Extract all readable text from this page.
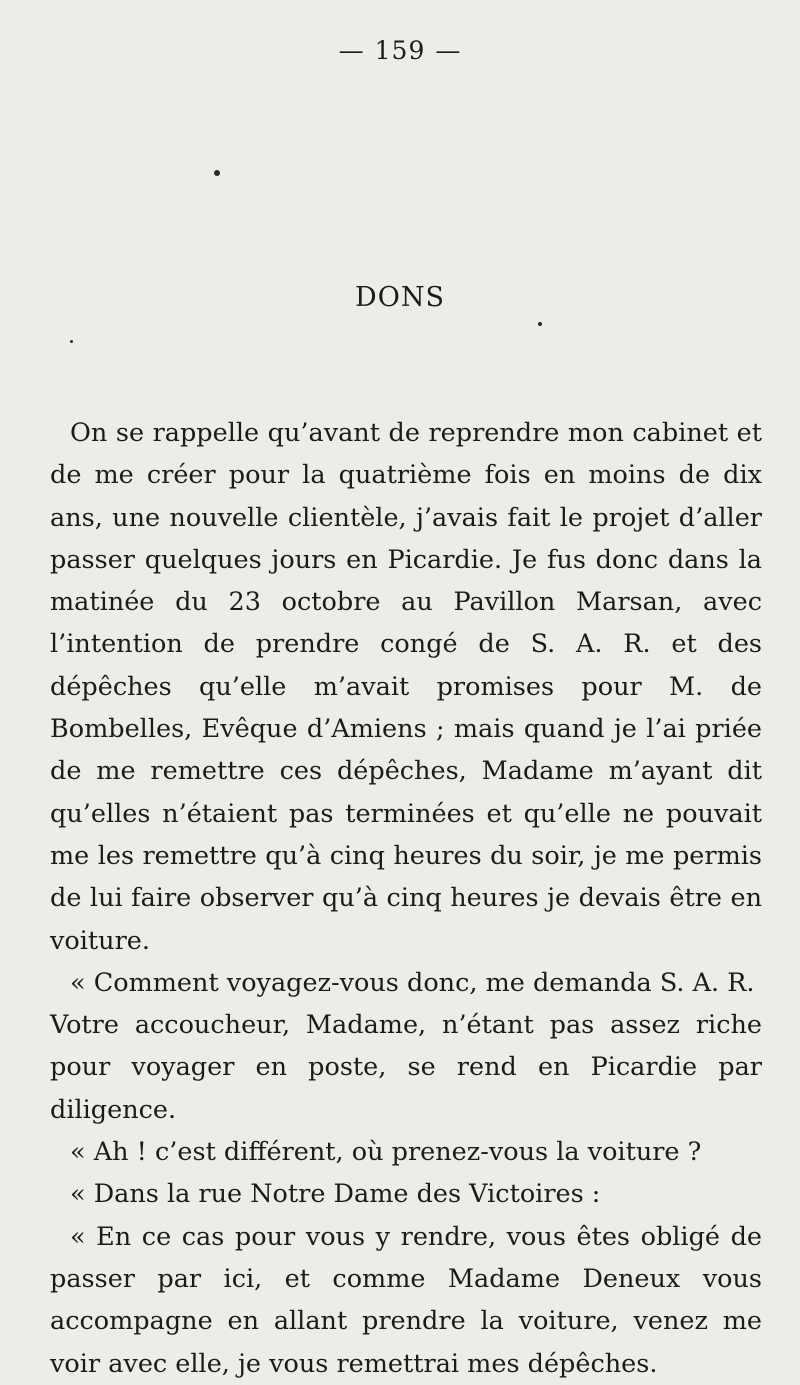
— 159 —
DONS

On se rappelle qu’avant de reprendre mon cabinet et de me créer pour la quatrième fois en moins de dix ans, une nouvelle clientèle, j’avais fait le projet d’aller passer quelques jours en Picardie. Je fus donc dans la matinée du 23 octobre au Pavillon Marsan, avec l’intention de prendre congé de S. A. R. et des dépêches qu’elle m’avait promises pour M. de Bombelles, Evêque d’Amiens ; mais quand je l’ai priée de me remettre ces dépêches, Madame m’ayant dit qu’elles n’étaient pas terminées et qu’elle ne pouvait me les remettre qu’à cinq heures du soir, je me permis de lui faire observer qu’à cinq heures je devais être en voiture.

« Comment voyagez-vous donc, me demanda S. A. R.

Votre accoucheur, Madame, n’étant pas assez riche pour voyager en poste, se rend en Picardie par diligence.

« Ah ! c’est différent, où prenez-vous la voiture ?

« Dans la rue Notre Dame des Victoires :

« En ce cas pour vous y rendre, vous êtes obligé de passer par ici, et comme Madame Deneux vous accompagne en allant prendre la voiture, venez me voir avec elle, je vous remettrai mes dépêches.
